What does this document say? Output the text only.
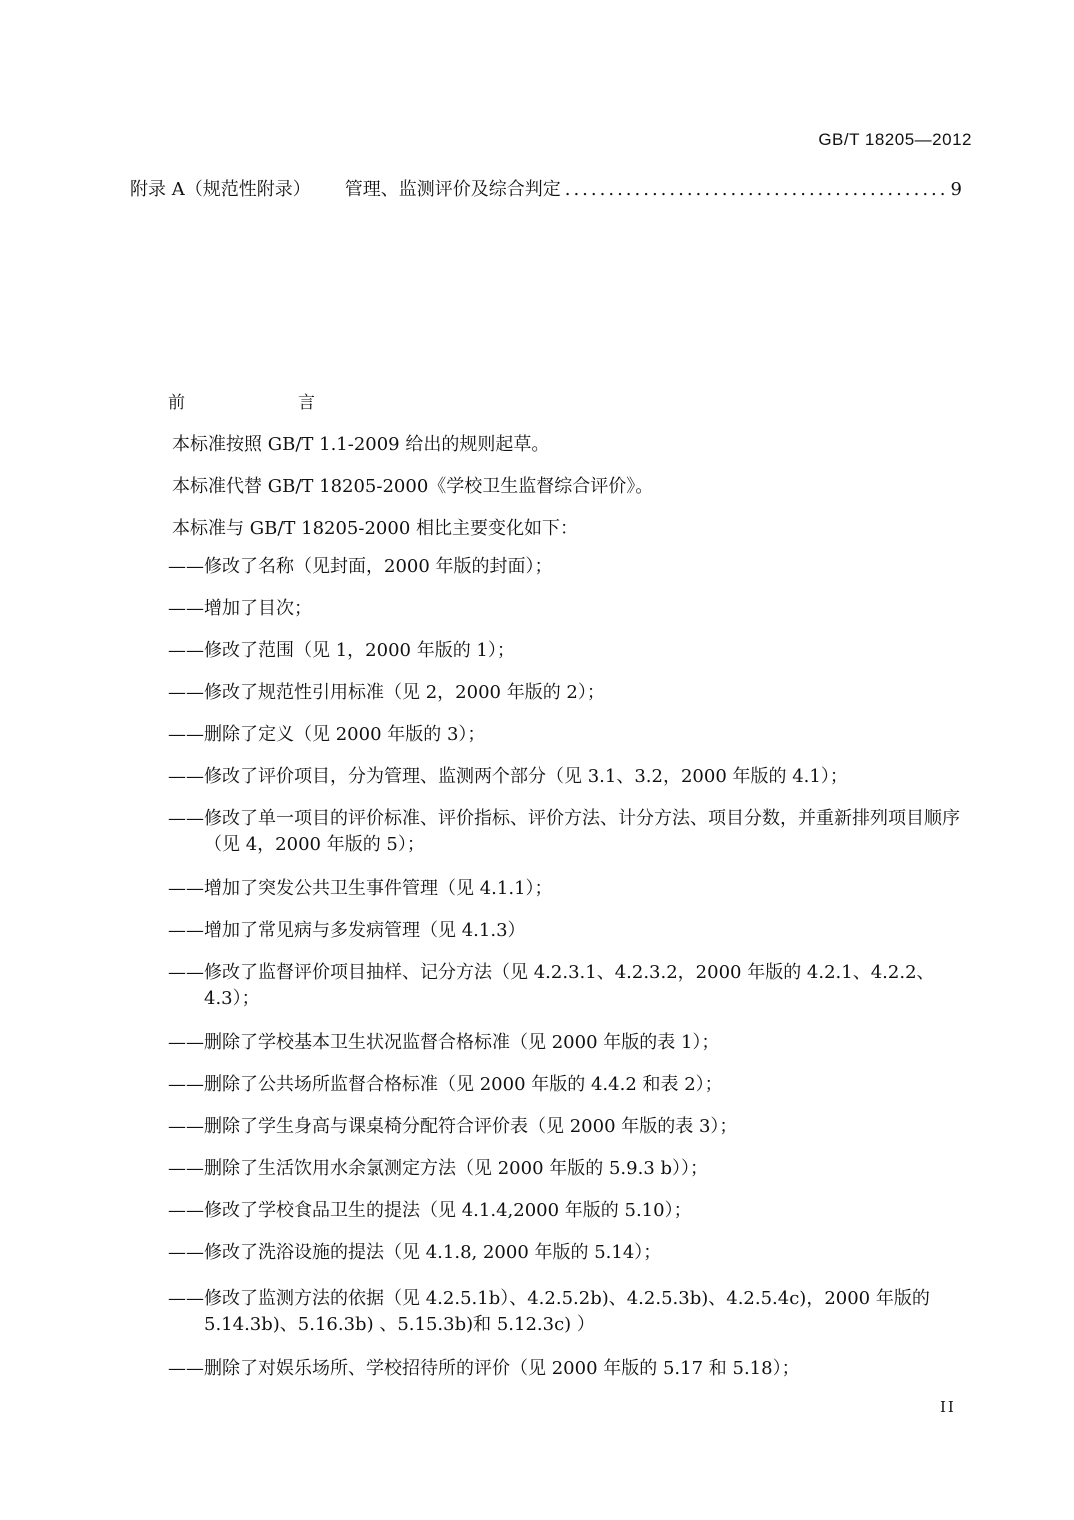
GB/T 18205—2012
附录 A（规范性附录） 管理、监测评价及综合判定
.....	9
前　言
本标准按照 GB/T 1.1-2009 给出的规则起草。
本标准代替 GB/T 18205-2000《学校卫生监督综合评价》。
本标准与 GB/T 18205-2000 相比主要变化如下：
——修改了名称（见封面，2000 年版的封面）；
——增加了目次；
——修改了范围（见 1，2000 年版的 1）；
——修改了规范性引用标准（见 2，2000 年版的 2）；
——删除了定义（见 2000 年版的 3）；
——修改了评价项目，分为管理、监测两个部分（见 3.1、3.2，2000 年版的 4.1）；
——修改了单一项目的评价标准、评价指标、评价方法、计分方法、项目分数，并重新排列项目顺序（见 4，2000 年版的 5）；
——增加了突发公共卫生事件管理（见 4.1.1）；
——增加了常见病与多发病管理（见 4.1.3）
——修改了监督评价项目抽样、记分方法（见 4.2.3.1、4.2.3.2，2000 年版的 4.2.1、4.2.2、4.3）；
——删除了学校基本卫生状况监督合格标准（见 2000 年版的表 1）；
——删除了公共场所监督合格标准（见 2000 年版的 4.4.2 和表 2）；
——删除了学生身高与课桌椅分配符合评价表（见 2000 年版的表 3）；
——删除了生活饮用水余氯测定方法（见 2000 年版的 5.9.3 b））；
——修改了学校食品卫生的提法（见 4.1.4,2000 年版的 5.10）；
——修改了洗浴设施的提法（见 4.1.8, 2000 年版的 5.14）；
——修改了监测方法的依据（见 4.2.5.1b）、4.2.5.2b)、4.2.5.3b)、4.2.5.4c)，2000 年版的 5.14.3b)、5.16.3b) 、5.15.3b)和 5.12.3c) ）
——删除了对娱乐场所、学校招待所的评价（见 2000 年版的 5.17 和 5.18）；
II
